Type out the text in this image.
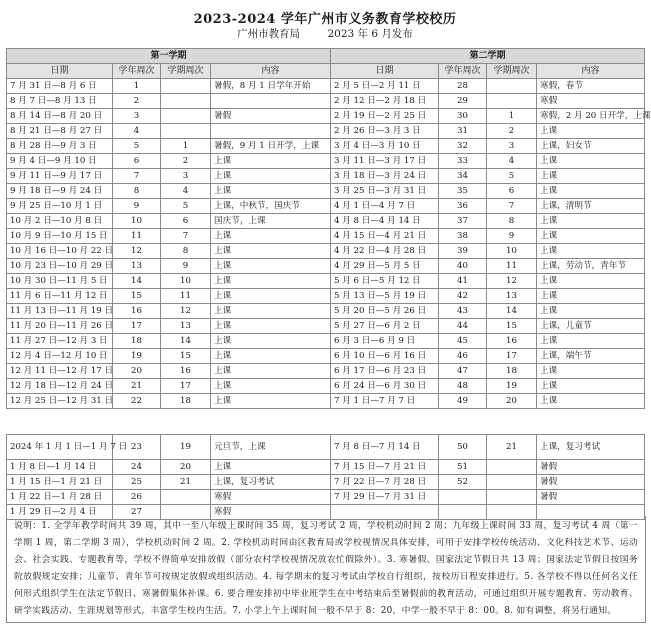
2023-2024 学年广州市义务教育学校校历
广州市教育局	2023 年 6 月发布
第一学期				第二学期			
日期	学年周次	学期周次	内容	日期	学年周次	学期周次	内容
7 月 31 日—8 月 6 日	1		暑假，8 月 1 日学年开始	2 月 5 日—2 月 11 日	28		寒假，春节
8 月 7 日—8 月 13 日	2			2 月 12 日—2 月 18 日	29		寒假
8 月 14 日—8 月 20 日	3		暑假	2 月 19 日—2 月 25 日	30	1	寒假，2 月 20 日开学，上课
8 月 21 日—8 月 27 日	4			2 月 26 日—3 月 3 日	31	2	上课
8 月 28 日—9 月 3 日	5	1	暑假，9 月 1 日开学，上课	3 月 4 日—3 月 10 日	32	3	上课，妇女节
9 月 4 日—9 月 10 日	6	2	上课	3 月 11 日—3 月 17 日	33	4	上课
9 月 11 日—9 月 17 日	7	3	上课	3 月 18 日—3 月 24 日	34	5	上课
9 月 18 日—9 月 24 日	8	4	上课	3 月 25 日—3 月 31 日	35	6	上课
9 月 25 日—10 月 1 日	9	5	上课，中秋节，国庆节	4 月 1 日—4 月 7 日	36	7	上课，清明节
10 月 2 日—10 月 8 日	10	6	国庆节，上课	4 月 8 日—4 月 14 日	37	8	上课
10 月 9 日—10 月 15 日	11	7	上课	4 月 15 日—4 月 21 日	38	9	上课
10 月 16 日—10 月 22 日	12	8	上课	4 月 22 日—4 月 28 日	39	10	上课
10 月 23 日—10 月 29 日	13	9	上课	4 月 29 日—5 月 5 日	40	11	上课，劳动节，青年节
10 月 30 日—11 月 5 日	14	10	上课	5 月 6 日—5 月 12 日	41	12	上课
11 月 6 日—11 月 12 日	15	11	上课	5 月 13 日—5 月 19 日	42	13	上课
11 月 13 日—11 月 19 日	16	12	上课	5 月 20 日—5 月 26 日	43	14	上课
11 月 20 日—11 月 26 日	17	13	上课	5 月 27 日—6 月 2 日	44	15	上课，儿童节
11 月 27 日—12 月 3 日	18	14	上课	6 月 3 日—6 月 9 日	45	16	上课
12 月 4 日—12 月 10 日	19	15	上课	6 月 10 日—6 月 16 日	46	17	上课，端午节
12 月 11 日—12 月 17 日	20	16	上课	6 月 17 日—6 月 23 日	47	18	上课
12 月 18 日—12 月 24 日	21	17	上课	6 月 24 日—6 月 30 日	48	19	上课
12 月 25 日—12 月 31 日	22	18	上课	7 月 1 日—7 月 7 日	49	20	上课
2024 年 1 月 1 日—1 月 7 日	23	19	元旦节，上课	7 月 8 日—7 月 14 日	50	21	上课，复习考试
1 月 8 日—1 月 14 日	24	20	上课	7 月 15 日—7 月 21 日	51		暑假
1 月 15 日—1 月 21 日	25	21	上课，复习考试	7 月 22 日—7 月 28 日	52		暑假
1 月 22 日—1 月 28 日	26		寒假	7 月 29 日—7 月 31 日			暑假
1 月 29 日—2 月 4 日	27		寒假				
说明：1. 全学年教学时间共 39 周，其中一至八年级上课时间 35 周，复习考试 2 周，学校机动时间 2 周；九年级上课时间 33 周，复习考试 4 周（第一学期 1 周，第二学期 3 周），学校机动时间 2 周。2. 学校机动时间由区教育局或学校视情况具体安排，可用于安排学校传统活动、文化科技艺术节、运动会、社会实践、专题教育等，学校不得简单安排放假（部分农村学校视情况放农忙假除外）。3. 寒暑假、国家法定节假日共 13 周；国家法定节假日按国务院放假规定安排；儿童节、青年节可按规定放假或组织活动。4. 每学期末的复习考试由学校自行组织，按校历日程安排进行。5. 各学校不得以任何名义任何形式组织学生在法定节假日、寒暑假集体补课。6. 要合理安排初中毕业班学生在中考结束后至暑假前的教育活动，可通过组织开展专题教育、劳动教育、研学实践活动、生涯规划等形式，丰富学生校内生活。7. 小学上午上课时间一般不早于 8：20，中学一般不早于 8：00。8. 如有调整，将另行通知。
